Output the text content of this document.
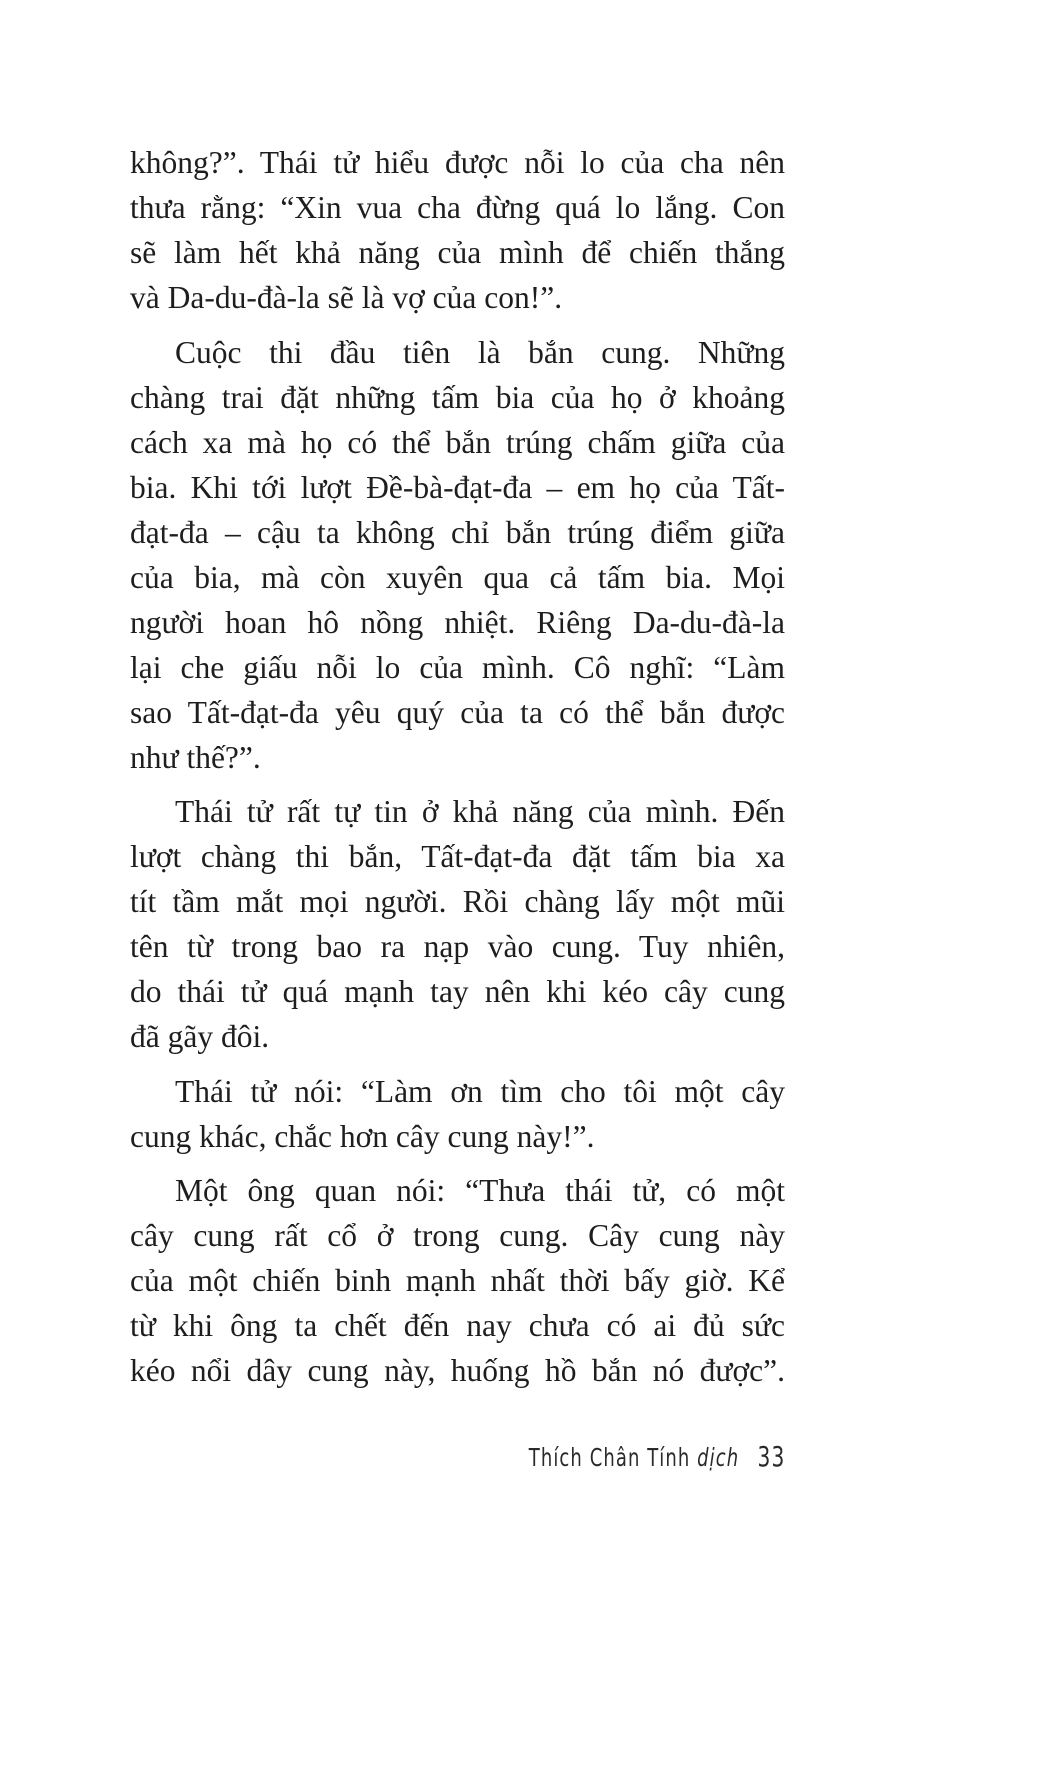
không?”. Thái tử hiểu được nỗi lo của cha nên
thưa rằng: “Xin vua cha đừng quá lo lắng. Con
sẽ làm hết khả năng của mình để chiến thắng
và Da-du-đà-la sẽ là vợ của con!”.

Cuộc thi đầu tiên là bắn cung. Những
chàng trai đặt những tấm bia của họ ở khoảng
cách xa mà họ có thể bắn trúng chấm giữa của
bia. Khi tới lượt Đề-bà-đạt-đa – em họ của Tất-
đạt-đa – cậu ta không chỉ bắn trúng điểm giữa
của bia, mà còn xuyên qua cả tấm bia. Mọi
người hoan hô nồng nhiệt. Riêng Da-du-đà-la
lại che giấu nỗi lo của mình. Cô nghĩ: “Làm
sao Tất-đạt-đa yêu quý của ta có thể bắn được
như thế?”.

Thái tử rất tự tin ở khả năng của mình. Đến
lượt chàng thi bắn, Tất-đạt-đa đặt tấm bia xa
tít tầm mắt mọi người. Rồi chàng lấy một mũi
tên từ trong bao ra nạp vào cung. Tuy nhiên,
do thái tử quá mạnh tay nên khi kéo cây cung
đã gãy đôi.

Thái tử nói: “Làm ơn tìm cho tôi một cây
cung khác, chắc hơn cây cung này!”.

Một ông quan nói: “Thưa thái tử, có một
cây cung rất cổ ở trong cung. Cây cung này
của một chiến binh mạnh nhất thời bấy giờ. Kể
từ khi ông ta chết đến nay chưa có ai đủ sức
kéo nổi dây cung này, huống hồ bắn nó được”.

Thích Chân Tính dịch 33
